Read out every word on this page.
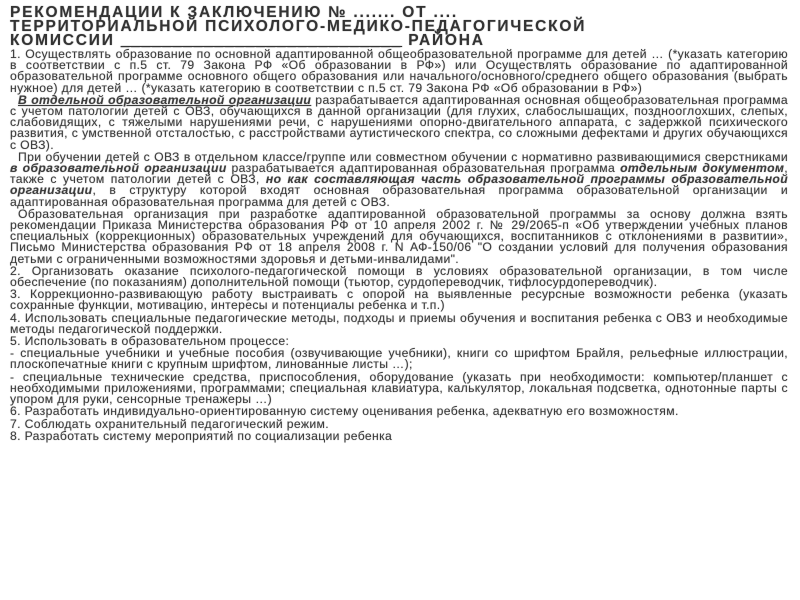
РЕКОМЕНДАЦИИ К ЗАКЛЮЧЕНИЮ № ....... ОТ ....
ТЕРРИТОРИАЛЬНОЙ ПСИХОЛОГО-МЕДИКО-ПЕДАГОГИЧЕСКОЙ
КОМИССИИ ___________________________ РАЙОНА
1. Осуществлять образование по основной адаптированной общеобразовательной программе для детей … (*указать категорию в соответствии с п.5 ст. 79 Закона РФ «Об образовании в РФ») или Осуществлять образование по адаптированной образовательной программе основного общего образования или начального/основного/среднего общего образования (выбрать нужное) для детей … (*указать категорию в соответствии с п.5 ст. 79 Закона РФ «Об образовании в РФ»)
В отдельной образовательной организации разрабатывается адаптированная основная общеобразовательная программа с учетом патологии детей с ОВЗ, обучающихся в данной организации (для глухих, слабослышащих, позднооглохших, слепых, слабовидящих, с тяжелыми нарушениями речи, с нарушениями опорно-двигательного аппарата, с задержкой психического развития, с умственной отсталостью, с расстройствами аутистического спектра, со сложными дефектами и других обучающихся с ОВЗ).
При обучении детей с ОВЗ в отдельном классе/группе или совместном обучении с нормативно развивающимися сверстниками в образовательной организации разрабатывается адаптированная образовательная программа отдельным документом, также с учетом патологии детей с ОВЗ, но как составляющая часть образовательной программы образовательной организации, в структуру которой входят основная образовательная программа образовательной организации и адаптированная образовательная программа для детей с ОВЗ.
Образовательная организация при разработке адаптированной образовательной программы за основу должна взять рекомендации Приказа Министерства образования РФ от 10 апреля 2002 г. № 29/2065-п «Об утверждении учебных планов специальных (коррекционных) образовательных учреждений для обучающихся, воспитанников с отклонениями в развитии», Письмо Министерства образования РФ от 18 апреля 2008 г. N АФ-150/06 "О создании условий для получения образования детьми с ограниченными возможностями здоровья и детьми-инвалидами".
2. Организовать оказание психолого-педагогической помощи в условиях образовательной организации, в том числе обеспечение (по показаниям) дополнительной помощи (тьютор, сурдопереводчик, тифлосурдопереводчик).
3. Коррекционно-развивающую работу выстраивать с опорой на выявленные ресурсные возможности ребенка (указать сохранные функции, мотивацию, интересы и потенциалы ребенка и т.п.)
4. Использовать специальные педагогические методы, подходы и приемы обучения и воспитания ребенка с ОВЗ и необходимые методы педагогической поддержки.
5. Использовать в образовательном процессе:
- специальные учебники и учебные пособия (озвучивающие учебники), книги со шрифтом Брайля, рельефные иллюстрации, плоскопечатные книги с крупным шрифтом, линованные листы …);
- специальные технические средства, приспособления, оборудование (указать при необходимости: компьютер/планшет с необходимыми приложениями, программами; специальная клавиатура, калькулятор, локальная подсветка, однотонные парты с упором для руки, сенсорные тренажеры …)
6. Разработать индивидуально-ориентированную систему оценивания ребенка, адекватную его возможностям.
7. Соблюдать охранительный педагогический режим.
8. Разработать систему мероприятий по социализации ребенка
